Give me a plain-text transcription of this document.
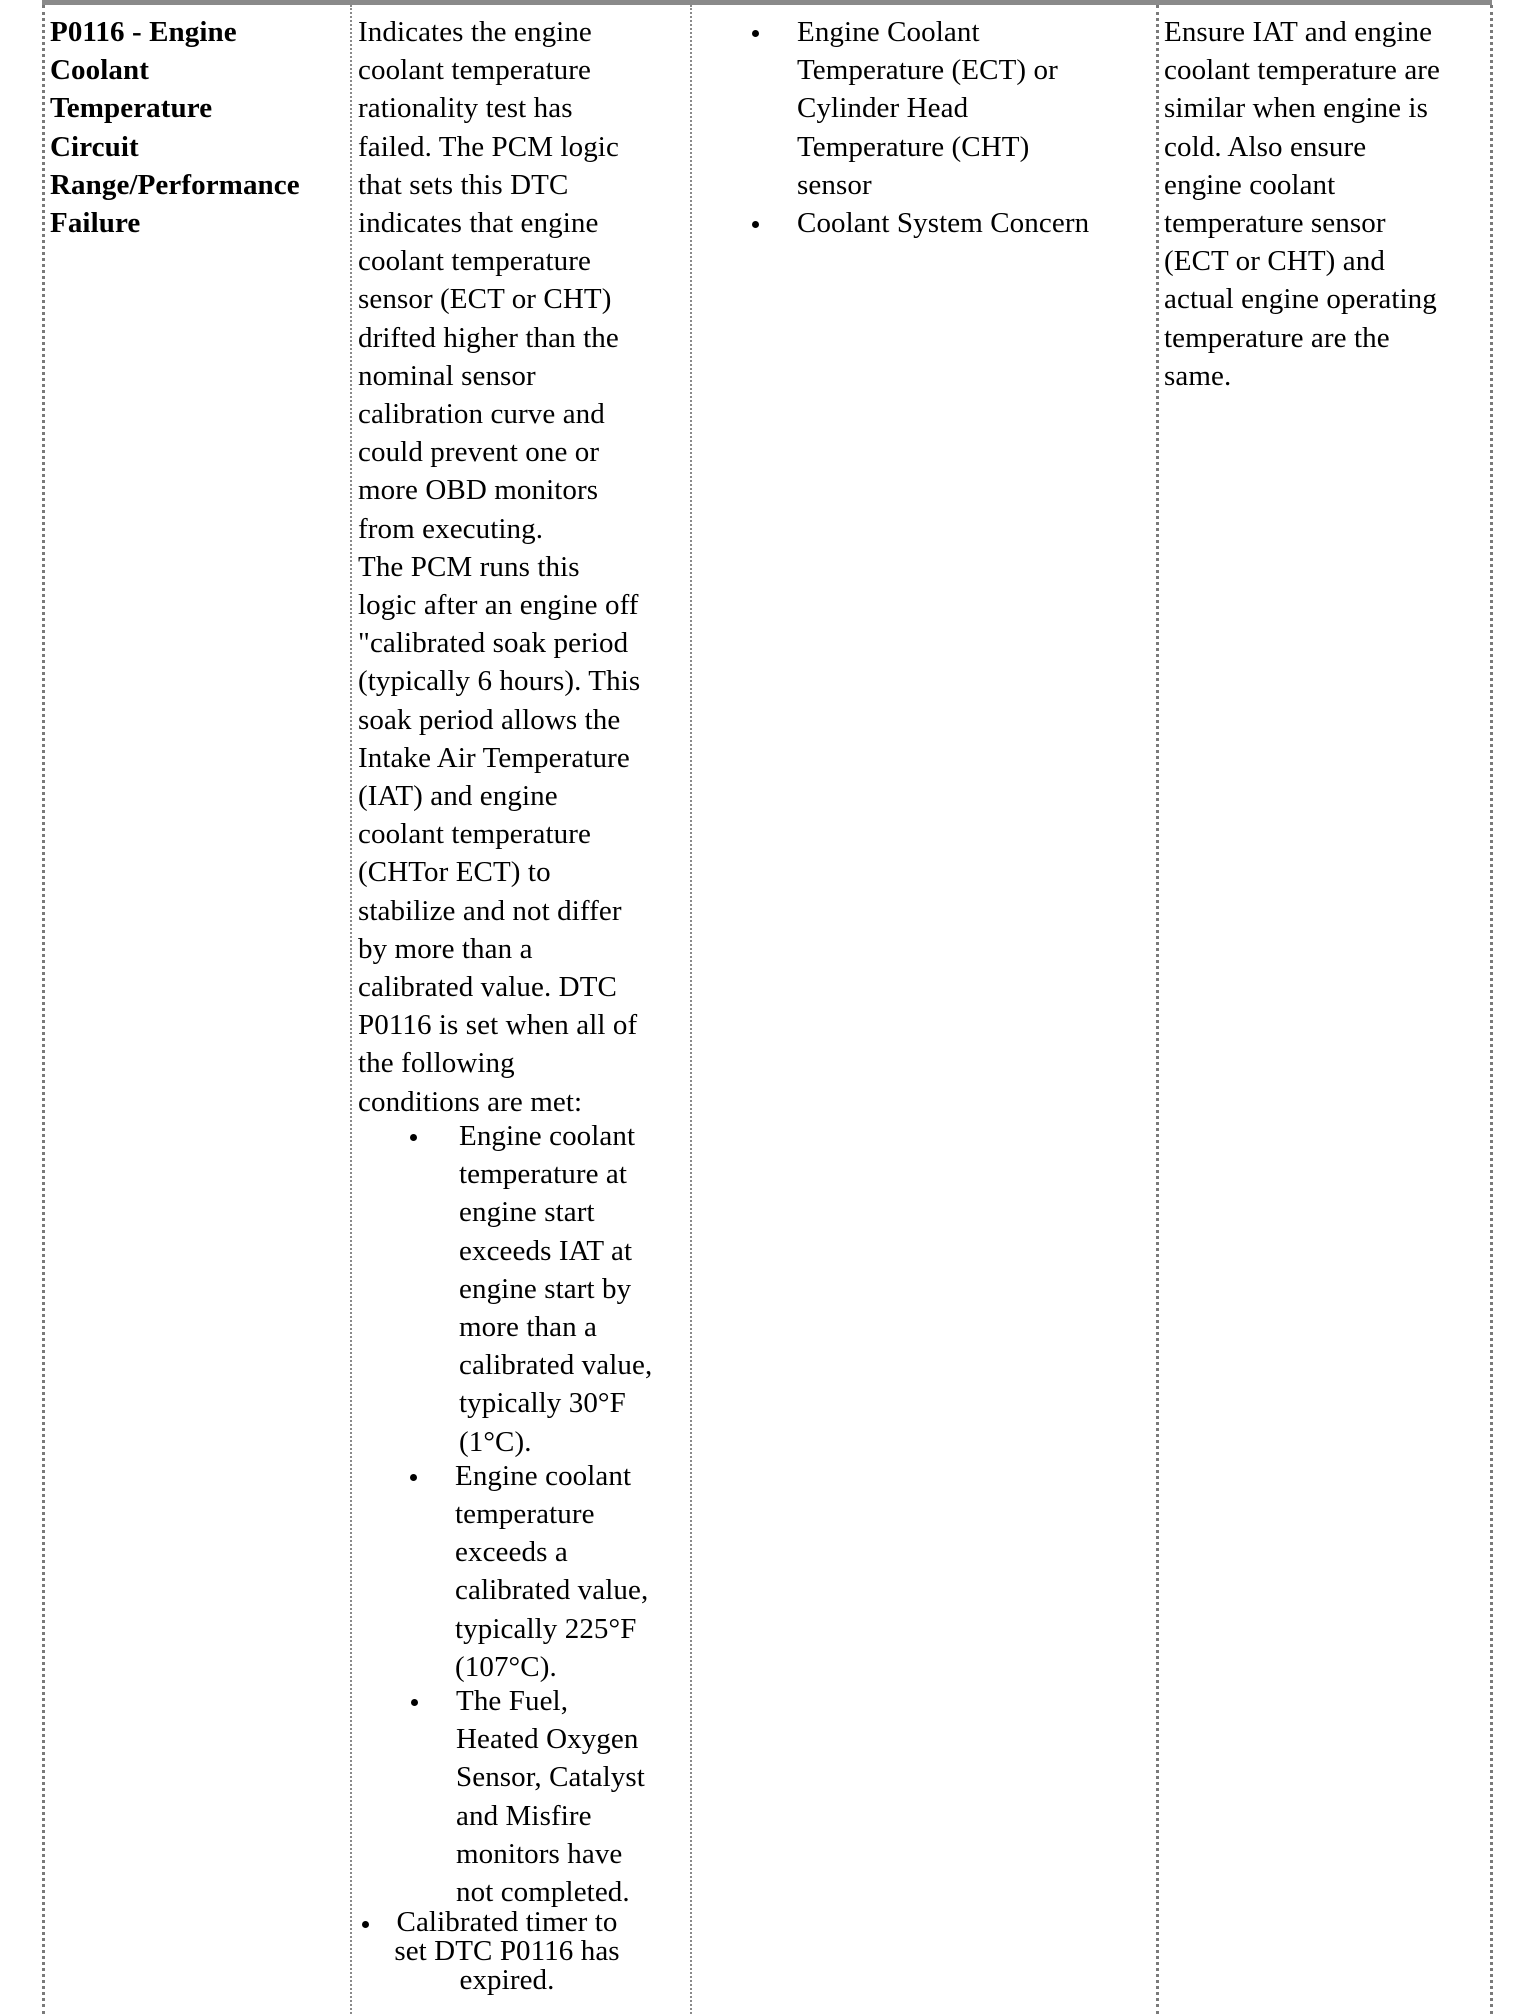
P0116 - Engine
Coolant
Temperature
Circuit
Range/Performance
Failure
Indicates the engine
coolant temperature
rationality test has
failed. The PCM logic
that sets this DTC
indicates that engine
coolant temperature
sensor (ECT or CHT)
drifted higher than the
nominal sensor
calibration curve and
could prevent one or
more OBD monitors
from executing.
The PCM runs this
logic after an engine off
"calibrated soak period
(typically 6 hours). This
soak period allows the
Intake Air Temperature
(IAT) and engine
coolant temperature
(CHTor ECT) to
stabilize and not differ
by more than a
calibrated value. DTC
P0116 is set when all of
the following
conditions are met:
Engine coolant
temperature at
engine start
exceeds IAT at
engine start by
more than a
calibrated value,
typically 30°F
(1°C).
Engine coolant
temperature
exceeds a
calibrated value,
typically 225°F
(107°C).
The Fuel,
Heated Oxygen
Sensor, Catalyst
and Misfire
monitors have
not completed.
Calibrated timer to
set DTC P0116 has
expired.
Engine Coolant
Temperature (ECT) or
Cylinder Head
Temperature (CHT)
sensor
Coolant System Concern
Ensure IAT and engine
coolant temperature are
similar when engine is
cold. Also ensure
engine coolant
temperature sensor
(ECT or CHT) and
actual engine operating
temperature are the
same.
